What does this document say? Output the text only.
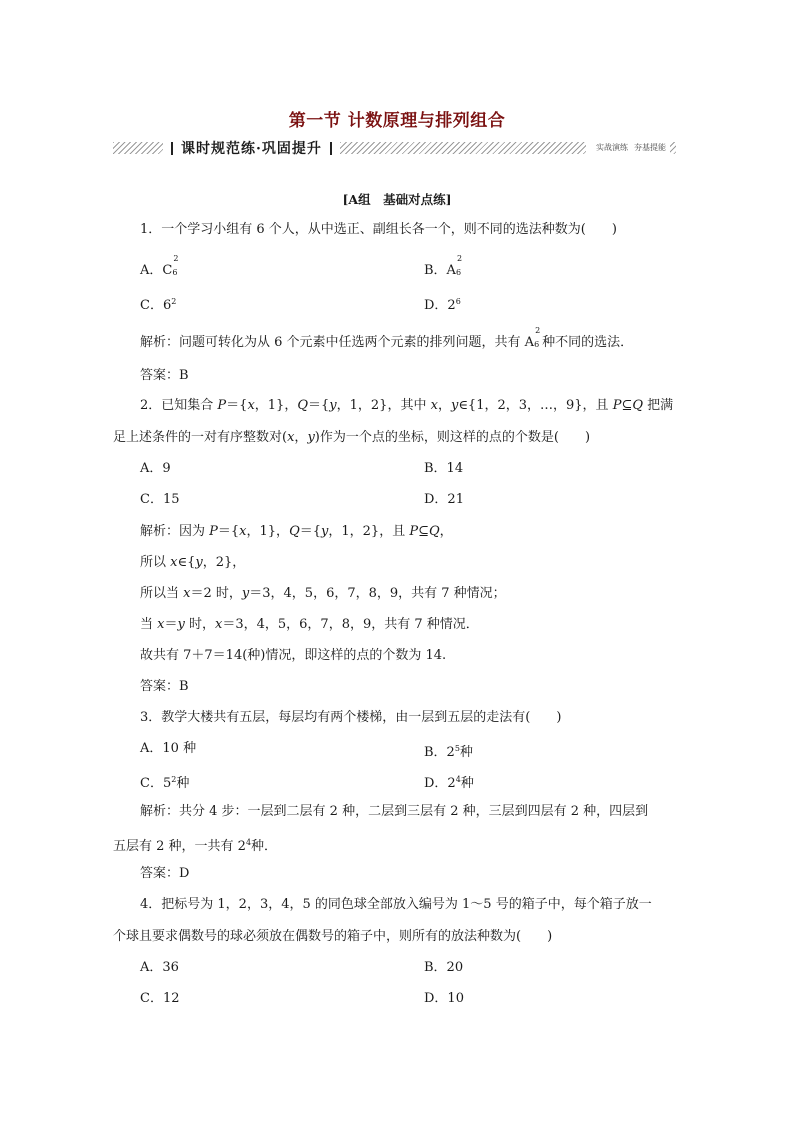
第一节 计数原理与排列组合
课时规范练·巩固提升	实战演练 夯基提能
[A组　基础对点练]
1．一个学习小组有 6 个人，从中选正、副组长各一个，则不同的选法种数为(　　)
A．C
2
6	B．A
2
6
C．$6^2$	D．$2^6$
解析：问题可转化为从 6 个元素中任选两个元素的排列问题，共有 A
2
6 种不同的选法．
答案：B
2．已知集合 P＝{x，1}，Q＝{y，1，2}，其中 x，y∈{1，2，3，…，9}，且 P⊆Q 把满
足上述条件的一对有序整数对(x，y)作为一个点的坐标，则这样的点的个数是(　　)
A．9	B．14
C．15	D．21
解析：因为 P＝{x，1}，Q＝{y，1，2}，且 P⊆Q，
所以 x∈{y，2}，
所以当 x＝2 时，y＝3，4，5，6，7，8，9，共有 7 种情况；
当 x＝y 时，x＝3，4，5，6，7，8，9，共有 7 种情况．
故共有 7＋7＝14(种)情况，即这样的点的个数为 14.
答案：B
3．教学大楼共有五层，每层均有两个楼梯，由一层到五层的走法有(　　)
A．10 种	B．$2^5$种
C．$5^2$种	D．$2^4$种
解析：共分 4 步：一层到二层有 2 种，二层到三层有 2 种，三层到四层有 2 种，四层到
五层有 2 种，一共有 $2^4$种．
答案：D
4．把标号为 1，2，3，4，5 的同色球全部放入编号为 1～5 号的箱子中，每个箱子放一
个球且要求偶数号的球必须放在偶数号的箱子中，则所有的放法种数为(　　)
A．36	B．20
C．12	D．10
